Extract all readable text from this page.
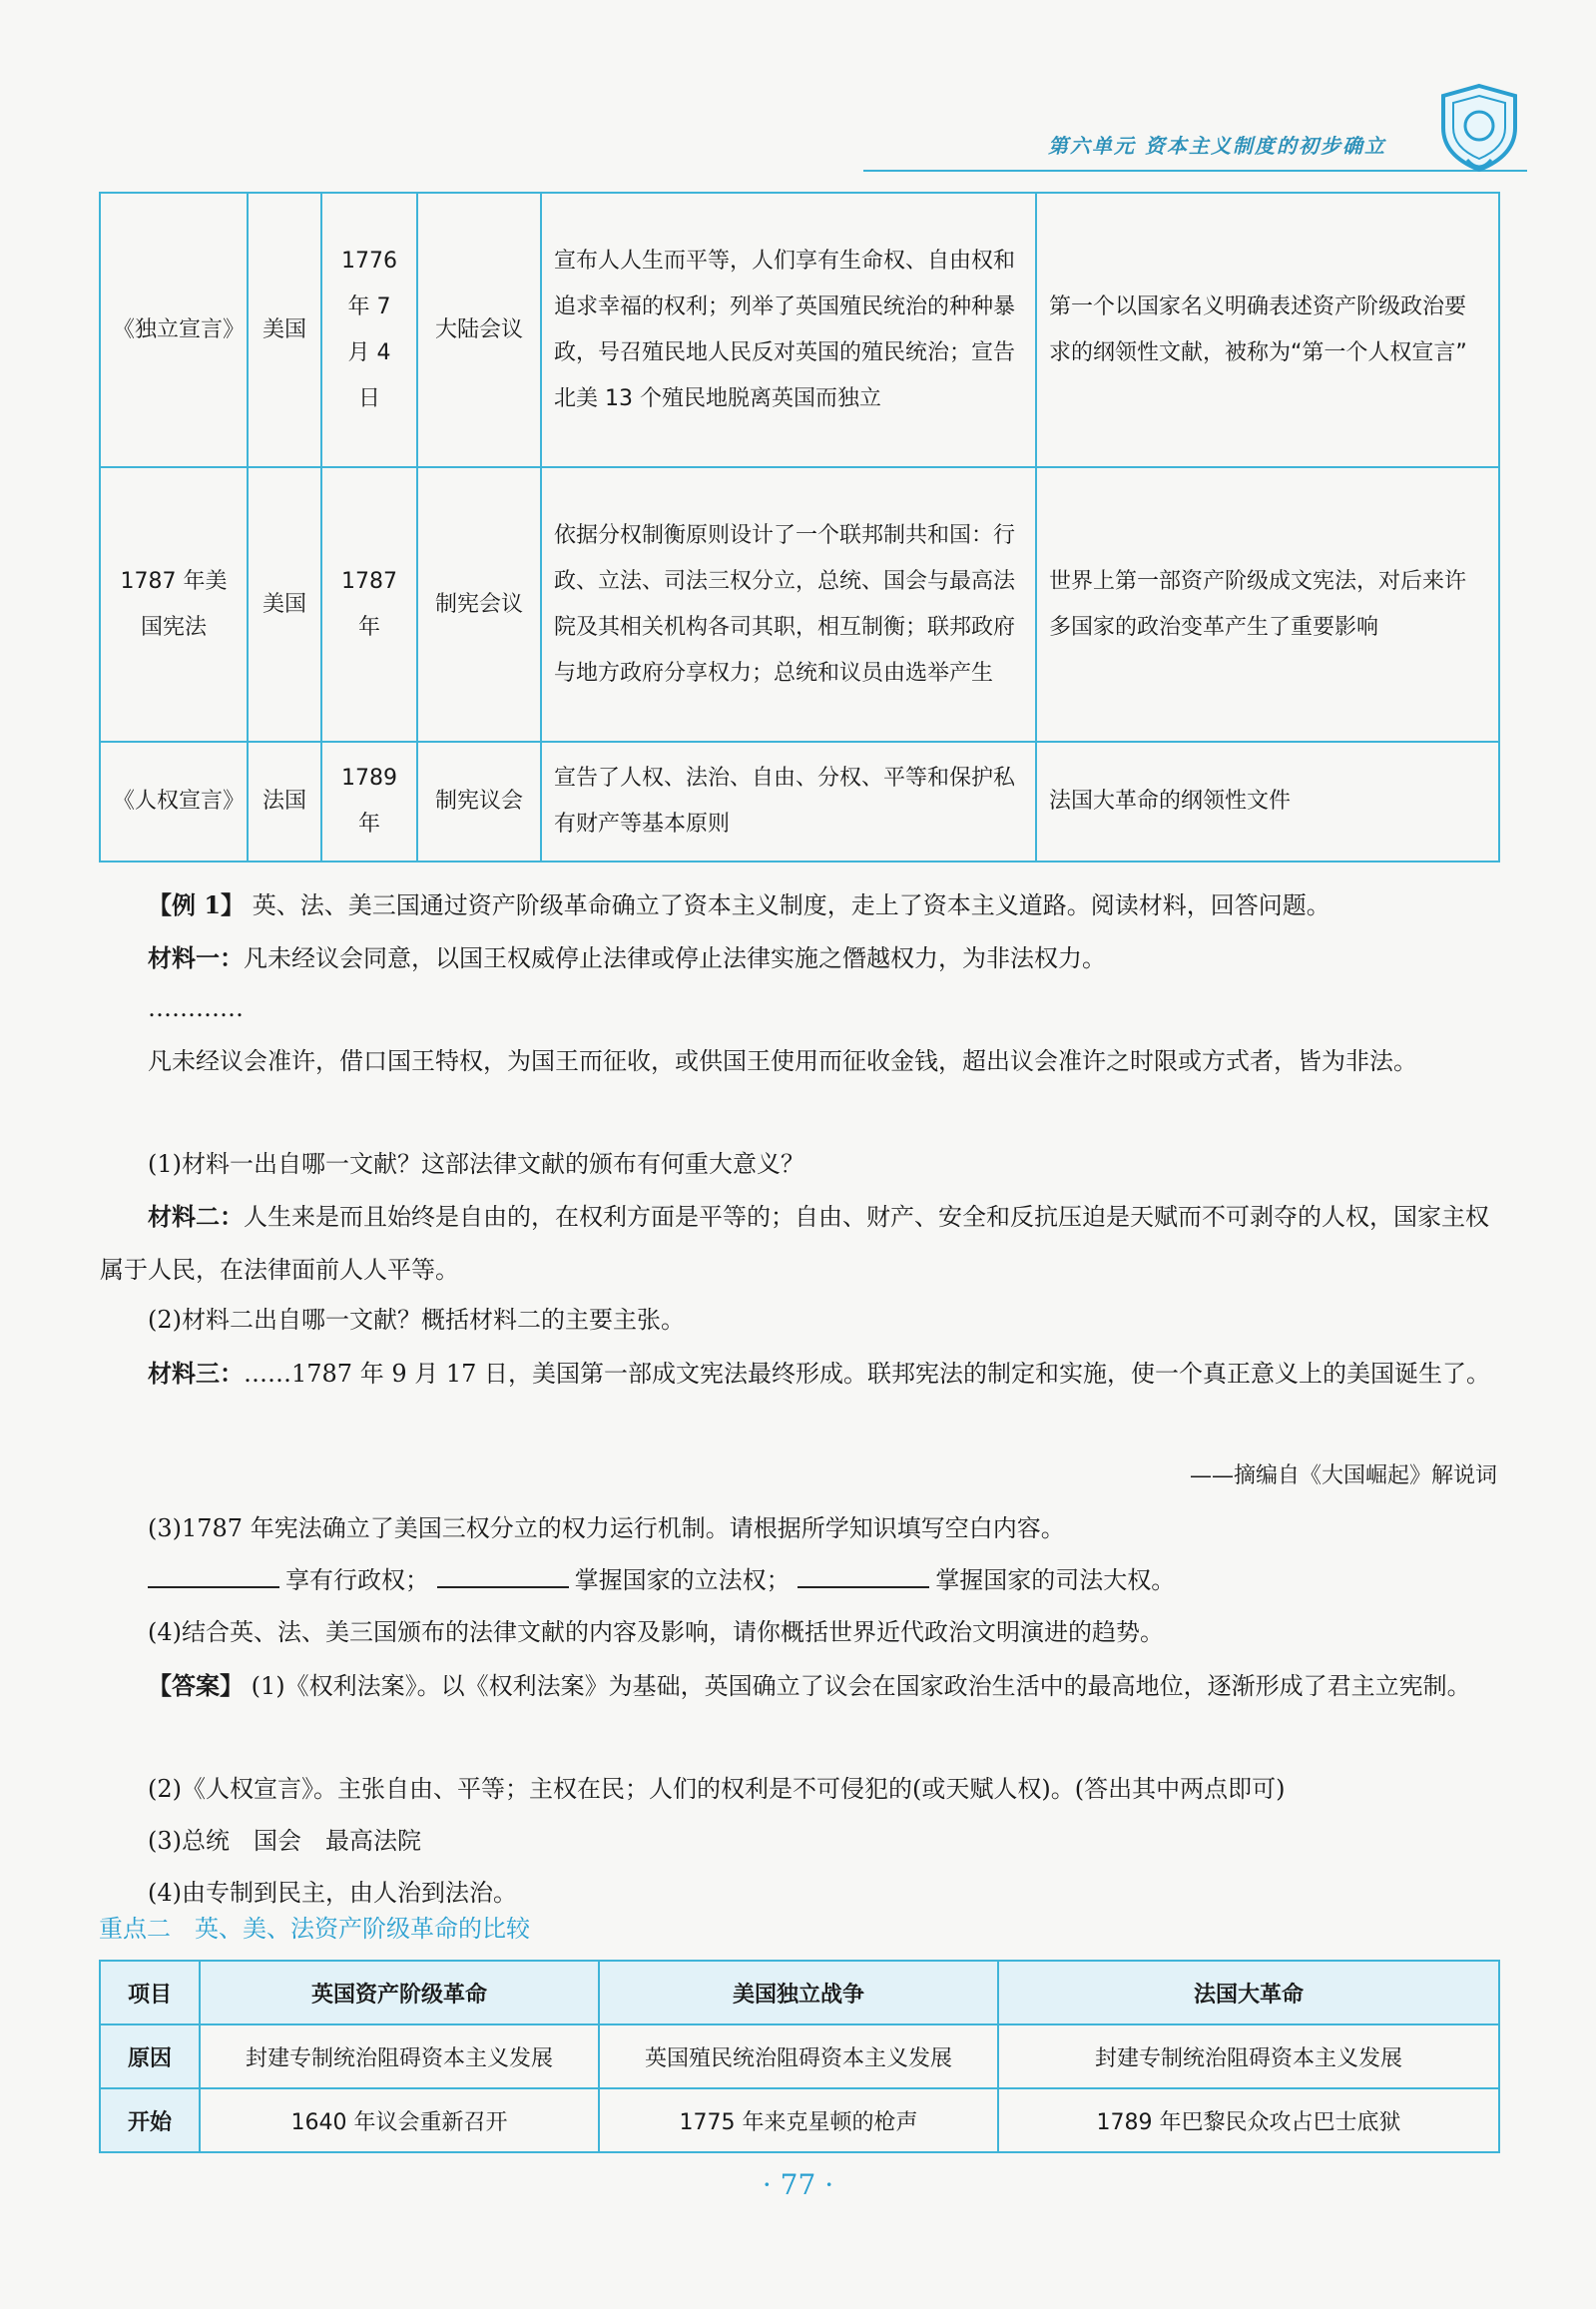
第六单元 资本主义制度的初步确立
《独立宣言》	美国	1776 年 7 月 4 日	大陆会议	宣布人人生而平等，人们享有生命权、自由权和追求幸福的权利；列举了英国殖民统治的种种暴政，号召殖民地人民反对英国的殖民统治；宣告北美 13 个殖民地脱离英国而独立	第一个以国家名义明确表述资产阶级政治要求的纲领性文献，被称为“第一个人权宣言”
1787 年美国宪法	美国	1787 年	制宪会议	依据分权制衡原则设计了一个联邦制共和国：行政、立法、司法三权分立，总统、国会与最高法院及其相关机构各司其职，相互制衡；联邦政府与地方政府分享权力；总统和议员由选举产生	世界上第一部资产阶级成文宪法，对后来许多国家的政治变革产生了重要影响
《人权宣言》	法国	1789 年	制宪议会	宣告了人权、法治、自由、分权、平等和保护私有财产等基本原则	法国大革命的纲领性文件
【例 1】 英、法、美三国通过资产阶级革命确立了资本主义制度，走上了资本主义道路。阅读材料，回答问题。
材料一：凡未经议会同意，以国王权威停止法律或停止法律实施之僭越权力，为非法权力。
…………
凡未经议会准许，借口国王特权，为国王而征收，或供国王使用而征收金钱，超出议会准许之时限或方式者，皆为非法。
(1)材料一出自哪一文献？这部法律文献的颁布有何重大意义？
材料二：人生来是而且始终是自由的，在权利方面是平等的；自由、财产、安全和反抗压迫是天赋而不可剥夺的人权，国家主权属于人民，在法律面前人人平等。
(2)材料二出自哪一文献？概括材料二的主要主张。
材料三：……1787 年 9 月 17 日，美国第一部成文宪法最终形成。联邦宪法的制定和实施，使一个真正意义上的美国诞生了。
——摘编自《大国崛起》解说词
(3)1787 年宪法确立了美国三权分立的权力运行机制。请根据所学知识填写空白内容。
享有行政权；	掌握国家的立法权；	掌握国家的司法大权。
(4)结合英、法、美三国颁布的法律文献的内容及影响，请你概括世界近代政治文明演进的趋势。
【答案】 (1)《权利法案》。以《权利法案》为基础，英国确立了议会在国家政治生活中的最高地位，逐渐形成了君主立宪制。
(2)《人权宣言》。主张自由、平等；主权在民；人们的权利是不可侵犯的(或天赋人权)。(答出其中两点即可)
(3)总统　国会　最高法院
(4)由专制到民主，由人治到法治。
重点二　英、美、法资产阶级革命的比较
项目	英国资产阶级革命	美国独立战争	法国大革命
原因	封建专制统治阻碍资本主义发展	英国殖民统治阻碍资本主义发展	封建专制统治阻碍资本主义发展
开始	1640 年议会重新召开	1775 年来克星顿的枪声	1789 年巴黎民众攻占巴士底狱
· 77 ·
